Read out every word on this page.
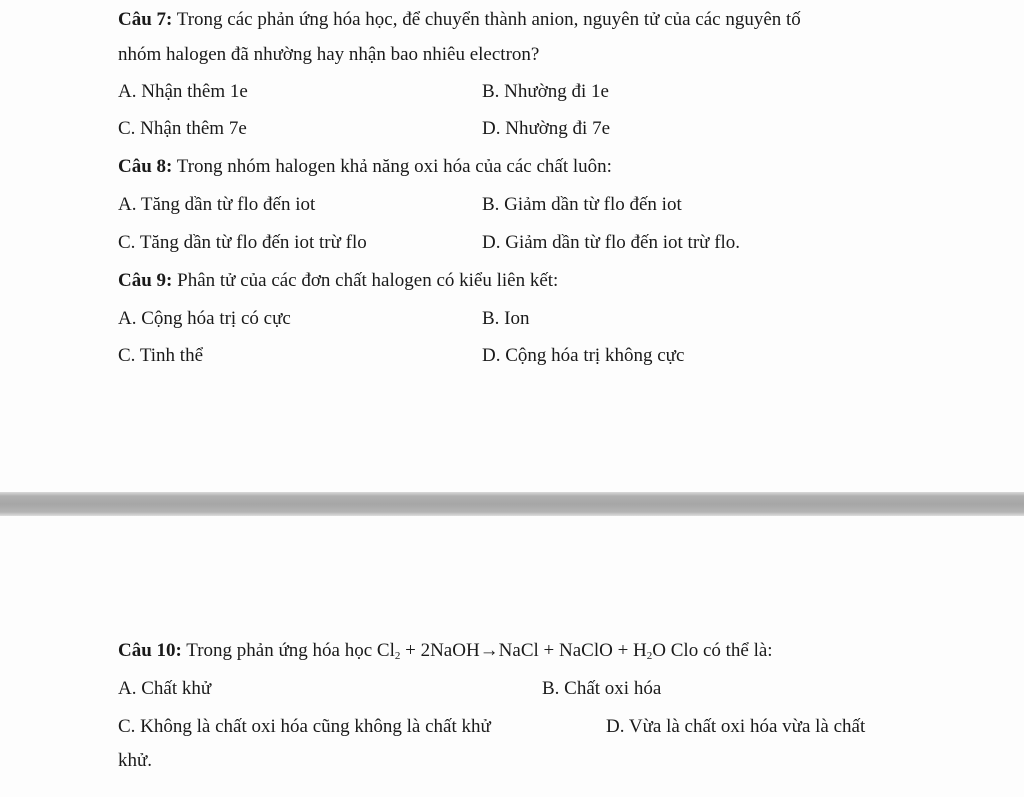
Câu 7: Trong các phản ứng hóa học, để chuyển thành anion, nguyên tử của các nguyên tố
nhóm halogen đã nhường hay nhận bao nhiêu electron?
A. Nhận thêm 1e	B. Nhường đi 1e
C. Nhận thêm 7e	D. Nhường đi 7e
Câu 8: Trong nhóm halogen khả năng oxi hóa của các chất luôn:
A. Tăng dần từ flo đến iot	B. Giảm dần từ flo đến iot
C. Tăng dần từ flo đến iot trừ flo	D. Giảm dần từ flo đến iot trừ flo.
Câu 9: Phân tử của các đơn chất halogen có kiểu liên kết:
A. Cộng hóa trị có cực	B. Ion
C. Tinh thể	D. Cộng hóa trị không cực
Câu 10: Trong phản ứng hóa học $Cl_2$ + 2NaOH→NaCl + NaClO + $H_2O$ Clo có thể là:
A. Chất khử	B. Chất oxi hóa
C. Không là chất oxi hóa cũng không là chất khử	D. Vừa là chất oxi hóa vừa là chất
khử.
